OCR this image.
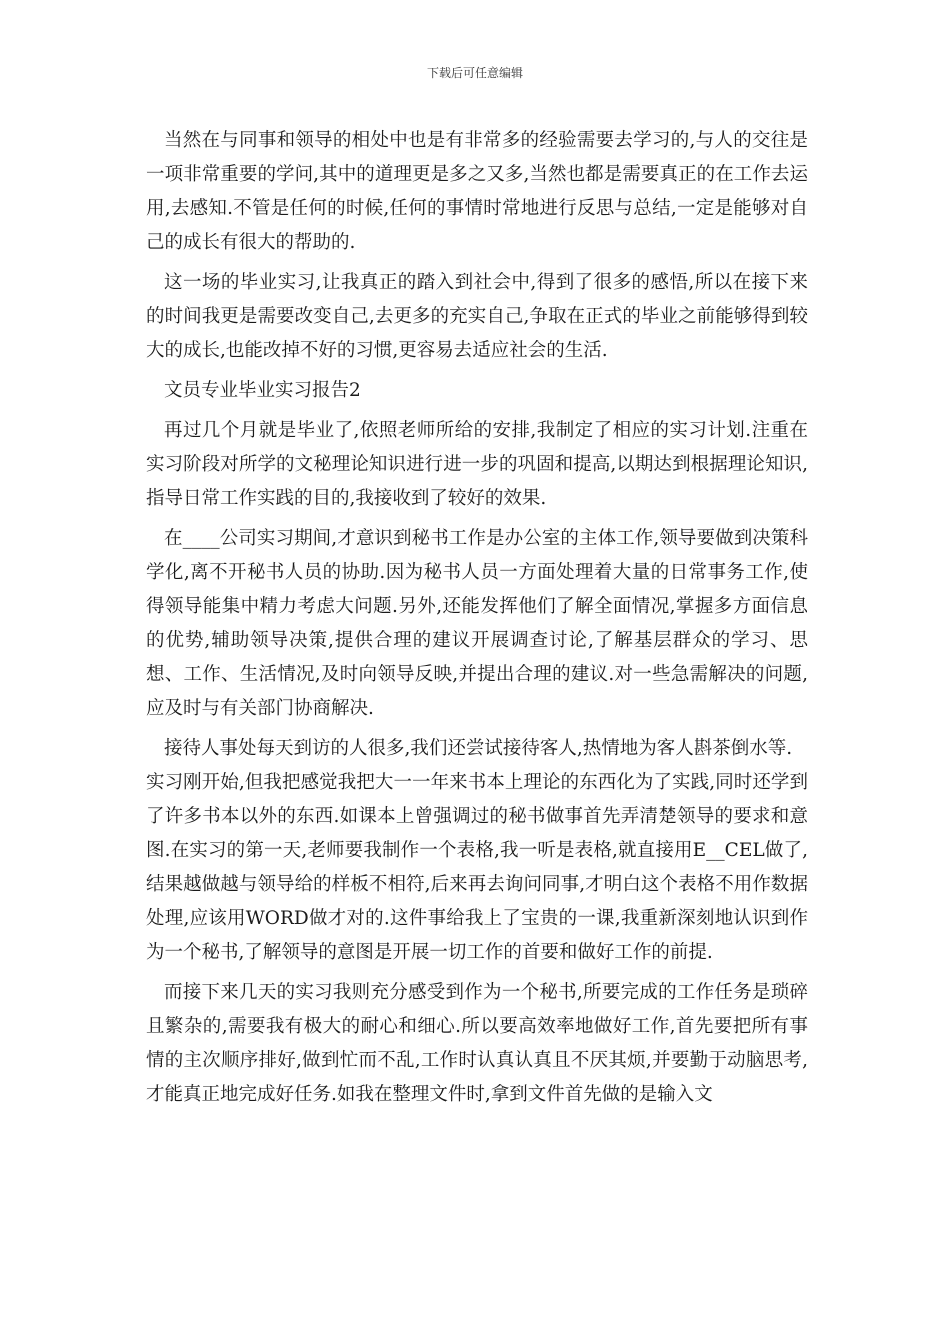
下载后可任意编辑

当然在与同事和领导的相处中也是有非常多的经验需要去学习的,与人的交往是一项非常重要的学问,其中的道理更是多之又多,当然也都是需要真正的在工作去运用,去感知.不管是任何的时候,任何的事情时常地进行反思与总结,一定是能够对自己的成长有很大的帮助的.

这一场的毕业实习,让我真正的踏入到社会中,得到了很多的感悟,所以在接下来的时间我更是需要改变自己,去更多的充实自己,争取在正式的毕业之前能够得到较大的成长,也能改掉不好的习惯,更容易去适应社会的生活.

文员专业毕业实习报告2

再过几个月就是毕业了,依照老师所给的安排,我制定了相应的实习计划.注重在实习阶段对所学的文秘理论知识进行进一步的巩固和提高,以期达到根据理论知识,指导日常工作实践的目的,我接收到了较好的效果.

在____公司实习期间,才意识到秘书工作是办公室的主体工作,领导要做到决策科学化,离不开秘书人员的协助.因为秘书人员一方面处理着大量的日常事务工作,使得领导能集中精力考虑大问题.另外,还能发挥他们了解全面情况,掌握多方面信息的优势,辅助领导决策,提供合理的建议开展调查讨论,了解基层群众的学习、思想、工作、生活情况,及时向领导反映,并提出合理的建议.对一些急需解决的问题,应及时与有关部门协商解决.

接待人事处每天到访的人很多,我们还尝试接待客人,热情地为客人斟茶倒水等.

实习刚开始,但我把感觉我把大一一年来书本上理论的东西化为了实践,同时还学到了许多书本以外的东西.如课本上曾强调过的秘书做事首先弄清楚领导的要求和意图.在实习的第一天,老师要我制作一个表格,我一听是表格,就直接用E__CEL做了,结果越做越与领导给的样板不相符,后来再去询问同事,才明白这个表格不用作数据处理,应该用WORD做才对的.这件事给我上了宝贵的一课,我重新深刻地认识到作为一个秘书,了解领导的意图是开展一切工作的首要和做好工作的前提.

而接下来几天的实习我则充分感受到作为一个秘书,所要完成的工作任务是琐碎且繁杂的,需要我有极大的耐心和细心.所以要高效率地做好工作,首先要把所有事情的主次顺序排好,做到忙而不乱,工作时认真认真且不厌其烦,并要勤于动脑思考,才能真正地完成好任务.如我在整理文件时,拿到文件首先做的是输入文
